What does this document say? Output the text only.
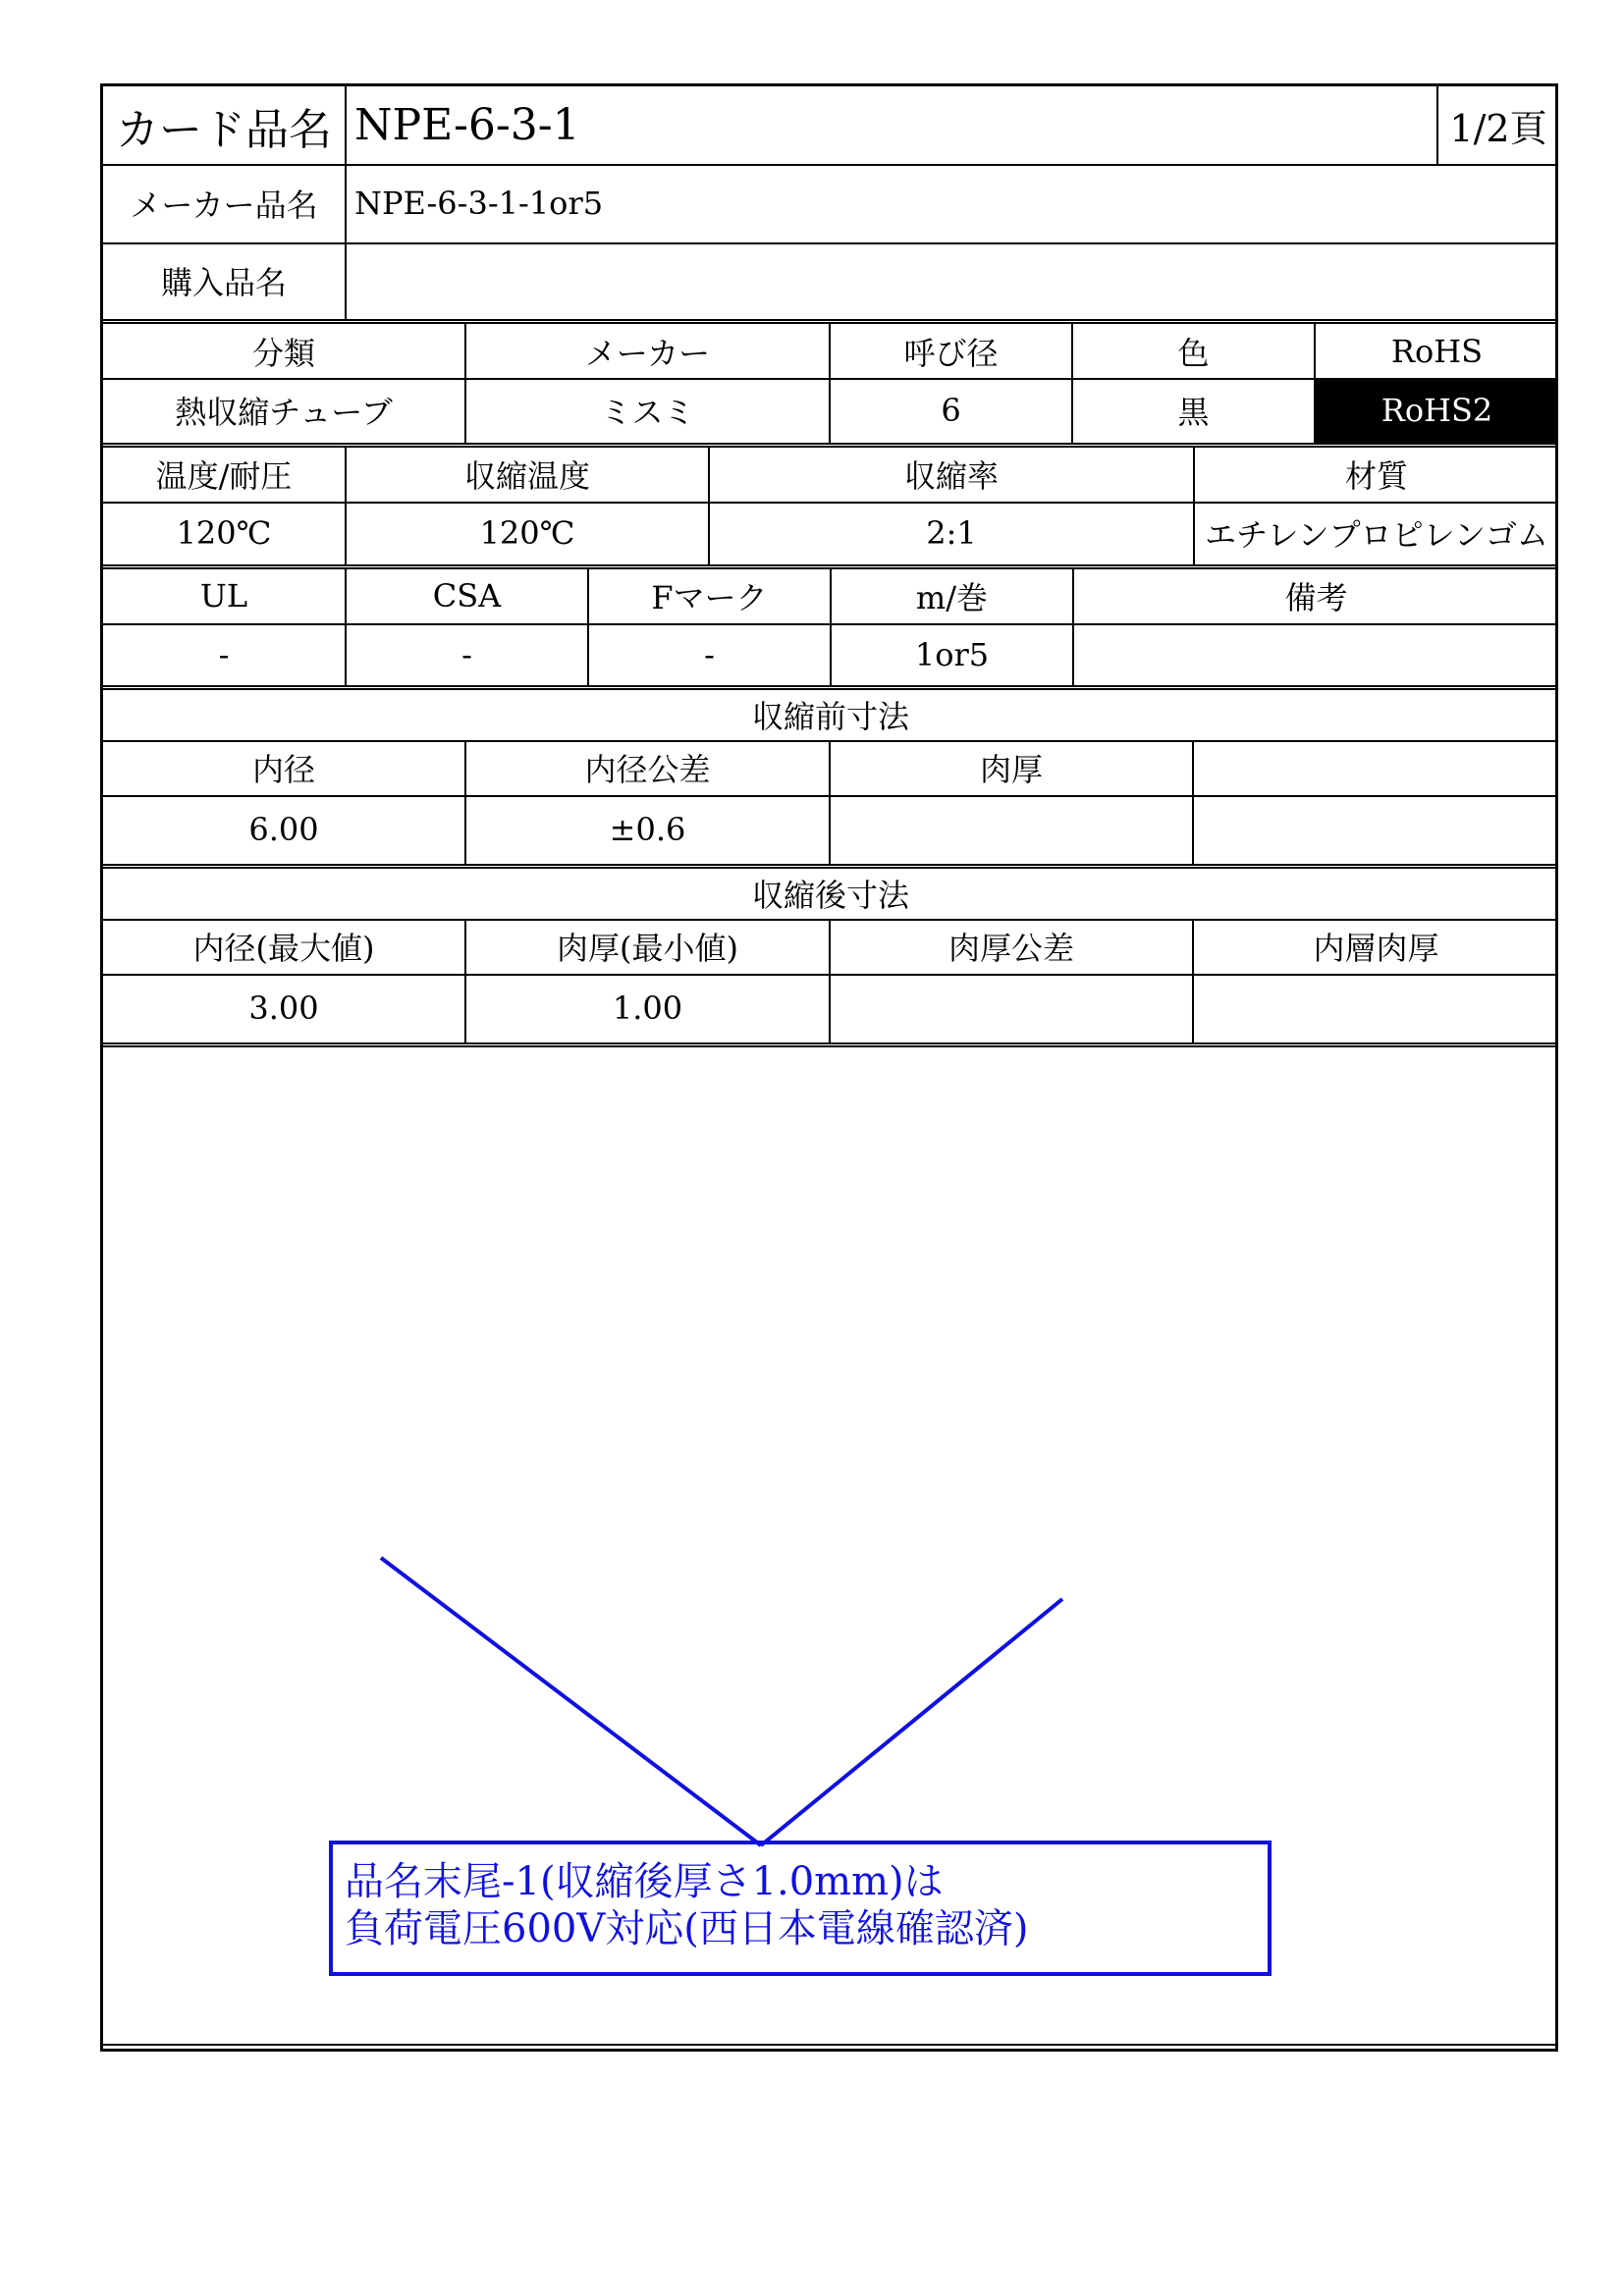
カード品名 NPE-6-3-1	1/2頁
メーカー品名	NPE-6-3-1-1or5
購入品名
分類	メーカー	呼び径	色	RoHS
熱収縮チューブ	ミスミ	6	黒	RoHS2
温度/耐圧	収縮温度	収縮率	材質
120℃	120℃	2:1	エチレンプロピレンゴム
UL	CSA	Fマーク	m/巻	備考
-	-	-	1or5
収縮前寸法
内径	内径公差	肉厚
6.00	±0.6
収縮後寸法
内径(最大値)	肉厚(最小値)	肉厚公差	内層肉厚
3.00	1.00
品名末尾-1(収縮後厚さ1.0mm)は
負荷電圧600V対応(西日本電線確認済)
